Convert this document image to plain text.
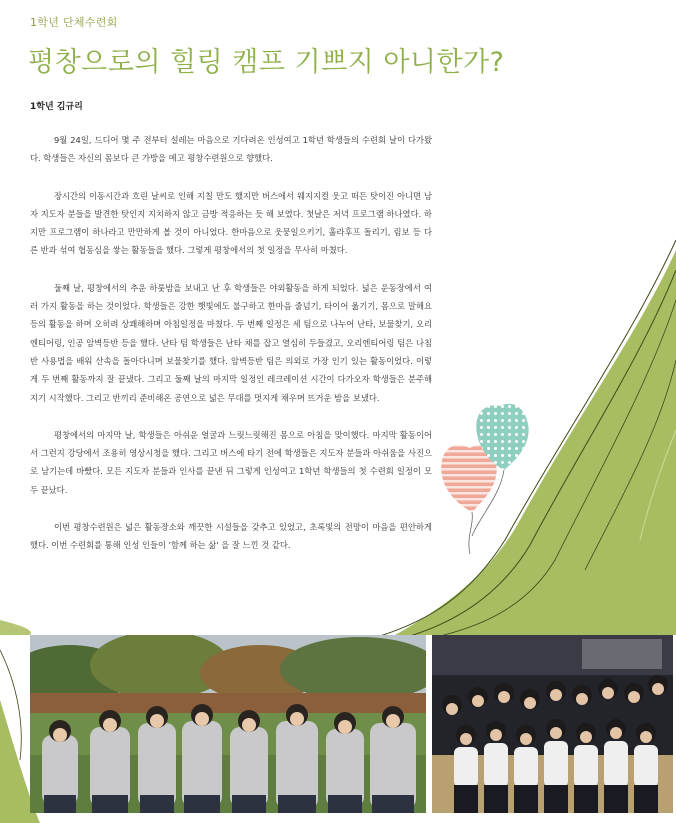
1학년 단체수련회
평창으로의 힐링 캠프 기쁘지 아니한가?
1학년 김규리

9월 24일, 드디어 몇 주 전부터 설레는 마음으로 기다려온 인성여고 1학년 학생들의 수련회 날이 다가왔다. 학생들은 자신의 몸보다 큰 가방을 메고 평창수련원으로 향했다.

장시간의 이동시간과 흐린 날씨로 인해 지칠 만도 했지만 버스에서 웨지지컬 웃고 떠든 탓이진 아니면 남자 지도자 분들을 발견한 탓인지 지치하지 않고 금방 적응하는 듯 해 보였다. 첫날은 저녁 프로그램 하나였다. 하지만 프로그램이 하나라고 만만하게 볼 것이 아니었다. 한마음으로 웃뭉일으키기, 훌라후프 돌리기, 림보 등 다른 반과 섞여 협동심을 쌓는 활동들을 했다. 그렇게 평창에서의 첫 일정을 무사히 마쳤다.

둘째 날, 평창에서의 추운 하룻밤을 보내고 난 후 학생들은 야외활동을 하게 되었다. 넓은 운동장에서 여러 가지 활동을 하는 것이었다. 학생들은 강한 햇빛에도 불구하고 한마음 줄넘기, 타이어 옮기기, 몸으로 말해요 등의 활동을 하며 오히려 상쾌해하며 아침일정을 마쳤다. 두 번째 일정은 세 팀으로 나누어 난타, 보물찾기, 오리엔티어링, 인공 암벽등반 등을 했다. 난타 팀 학생들은 난타 채를 잡고 열심히 두들겼고, 오리엔티어링 팀은 나침반 사용법을 배워 산속을 돌아다니며 보물찾기를 했다. 암벽등반 팀은 의외로 가장 인기 있는 활동이었다. 이렇게 두 번째 활동까지 잘 끝냈다. 그리고 둘째 날의 마지막 일정인 레크레이션 시간이 다가오자 학생들은 분주해지기 시작했다. 그리고 반끼리 준비해온 공연으로 넓은 무대를 멋지게 채우며 뜨거운 밤을 보냈다.

평창에서의 마지막 날, 학생들은 아쉬운 얼굴과 느릿느릿해진 몸으로 아침을 맞이했다. 마지막 활동이어서 그런지 강당에서 조용히 영상시청을 했다. 그리고 버스에 타기 전에 학생들은 지도자 분들과 아쉬움을 사진으로 남기는데 바빴다. 모든 지도자 분들과 인사를 끝낸 뒤 그렇게 인성여고 1학년 학생들의 첫 수련회 일정이 모두 끝났다.

이번 평창수련원은 넓은 활동장소와 깨끗한 시설들을 갖추고 있었고, 초록빛의 전망이 마음을 편안하게 했다. 이번 수련회를 통해 인성 인들이 '함께 하는 삶' 을 잘 느낀 것 같다.
